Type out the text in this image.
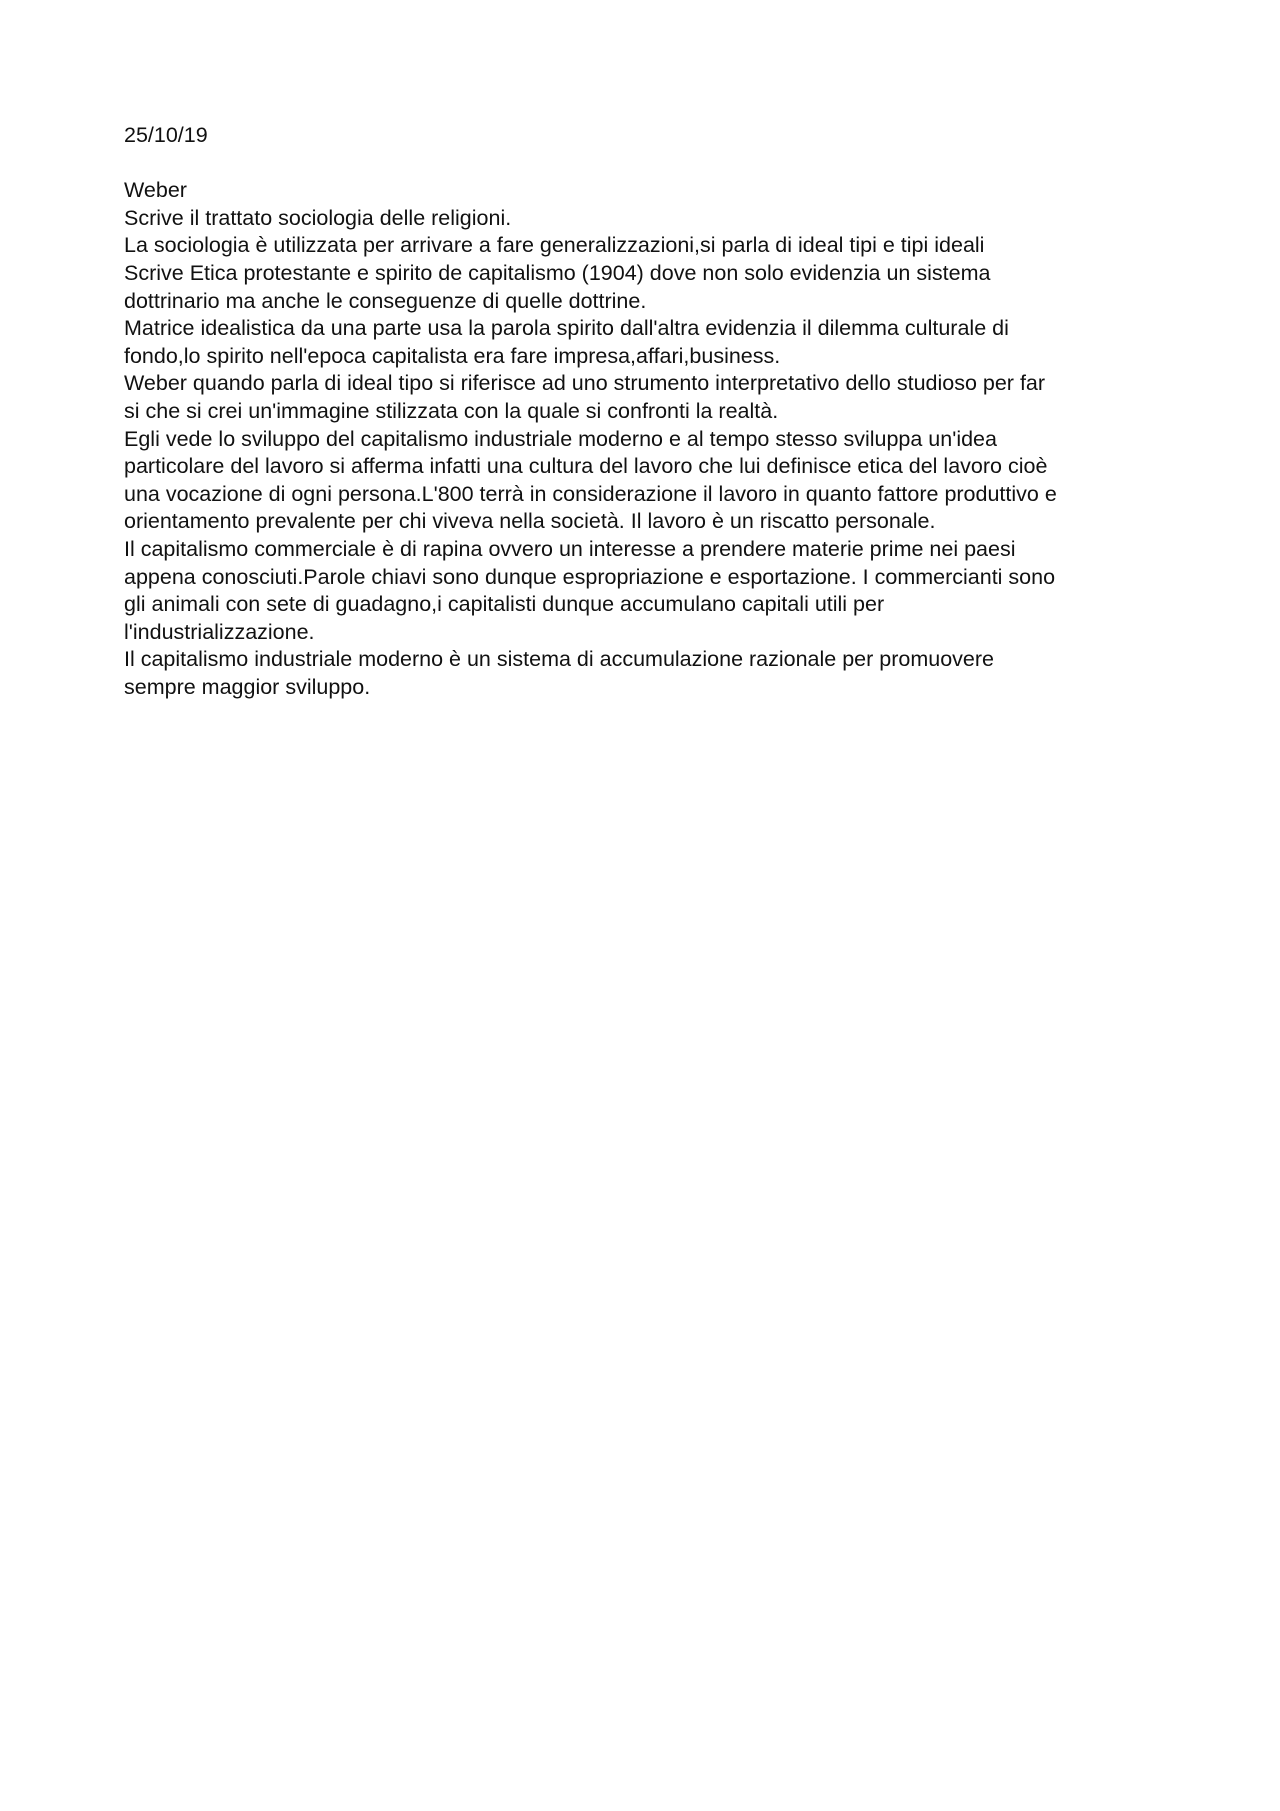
25/10/19
Weber
Scrive il trattato sociologia delle religioni.
La sociologia è utilizzata per arrivare a fare generalizzazioni,si parla di ideal tipi e tipi ideali
Scrive Etica protestante e spirito de capitalismo (1904) dove non solo evidenzia un sistema
dottrinario ma anche le conseguenze di quelle dottrine.
Matrice idealistica da una parte usa la parola spirito dall'altra evidenzia il dilemma culturale di
fondo,lo spirito nell'epoca capitalista era fare impresa,affari,business.
Weber quando parla di ideal tipo si riferisce ad uno strumento interpretativo dello studioso per far
si che si crei un'immagine stilizzata con la quale si confronti la realtà.
Egli vede lo sviluppo del capitalismo industriale moderno e al tempo stesso sviluppa un'idea
particolare del lavoro si afferma infatti una cultura del lavoro che lui definisce etica del lavoro cioè
una vocazione di ogni persona.L'800 terrà in considerazione il lavoro in quanto fattore produttivo e
orientamento prevalente per chi viveva nella società. Il lavoro è un riscatto personale.
Il capitalismo commerciale è di rapina ovvero un interesse a prendere materie prime nei paesi
appena conosciuti.Parole chiavi sono dunque espropriazione e esportazione. I commercianti sono
gli animali con sete di guadagno,i capitalisti dunque accumulano capitali utili per
l'industrializzazione.
Il capitalismo industriale moderno è un sistema di accumulazione razionale per promuovere
sempre maggior sviluppo.
